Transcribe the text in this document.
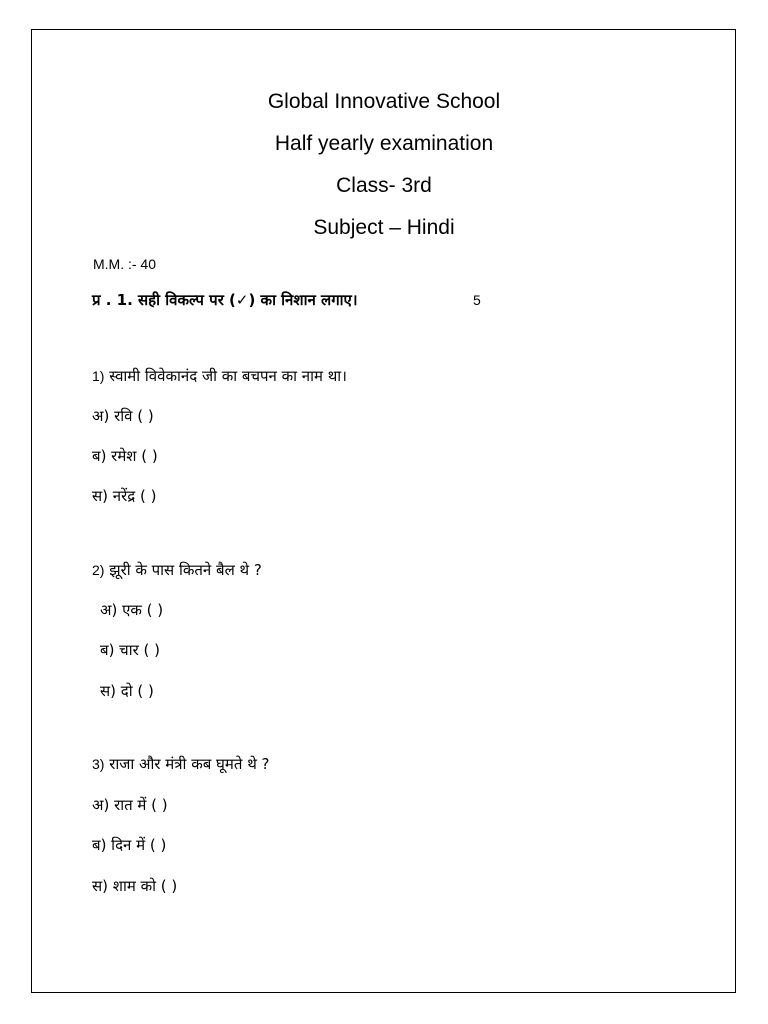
Global Innovative School
Half yearly examination
Class- 3rd
Subject – Hindi
M.M. :- 40
प्र . 1. सही विकल्प पर (✓) का निशान लगाए।	5
1) स्वामी विवेकानंद जी का बचपन का नाम था।
अ) रवि ( )
ब) रमेश ( )
स) नरेंद्र ( )
2) झूरी के पास कितने बैल थे ?
अ) एक ( )
ब) चार ( )
स) दो ( )
3) राजा और मंत्री कब घूमते थे ?
अ) रात में ( )
ब) दिन में ( )
स) शाम को ( )
